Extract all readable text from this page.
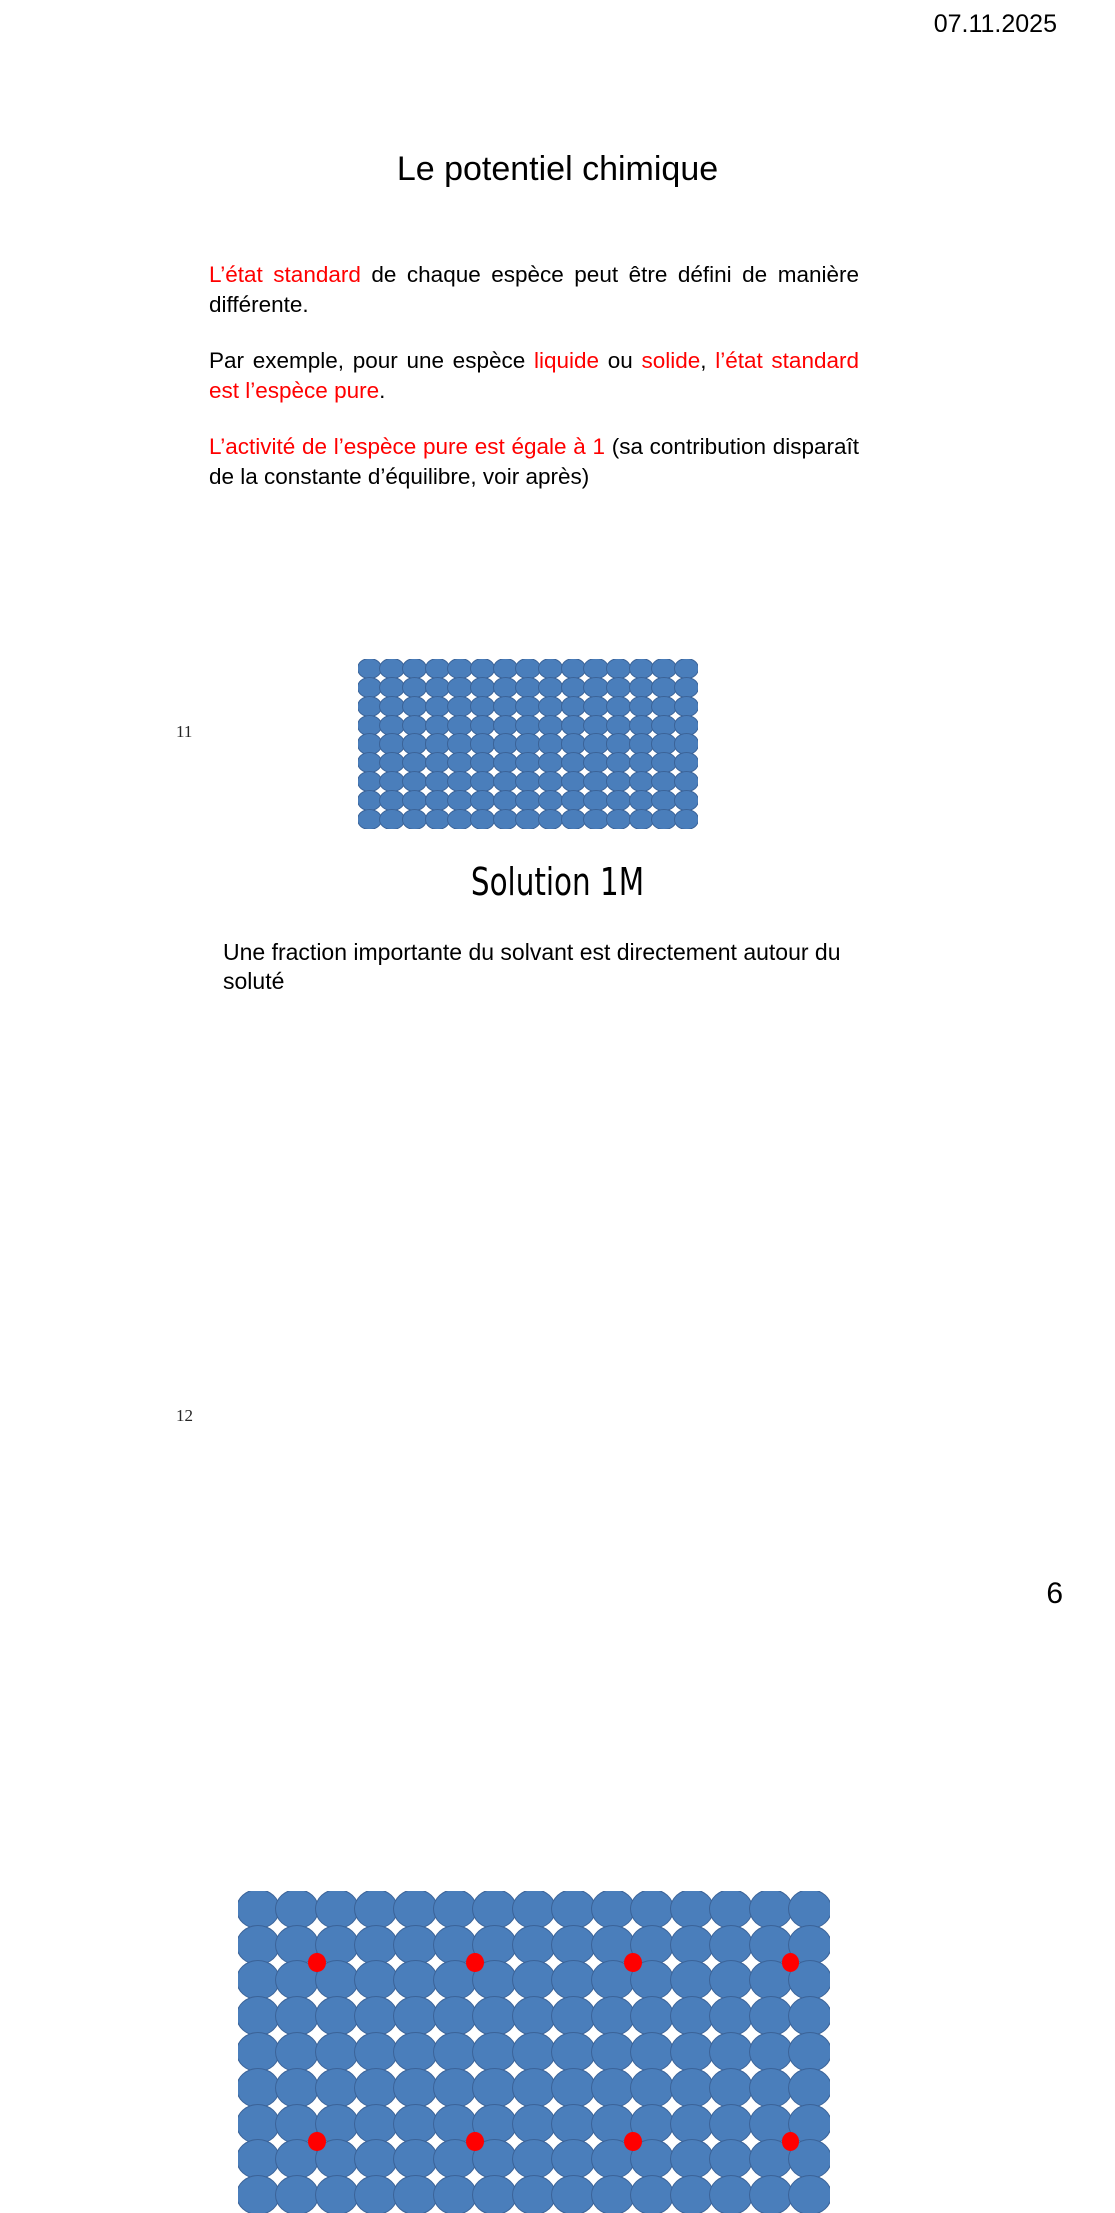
07.11.2025
Le potentiel chimique

L’état standard de chaque espèce peut être défini de manière différente.

Par exemple, pour une espèce liquide ou solide, l’état standard est l’espèce pure.

L’activité de l’espèce pure est égale à 1 (sa contribution disparaît de la constante d’équilibre, voir après)

11
Solution 1M
Une fraction importante du solvant est directement autour du soluté
12
6
